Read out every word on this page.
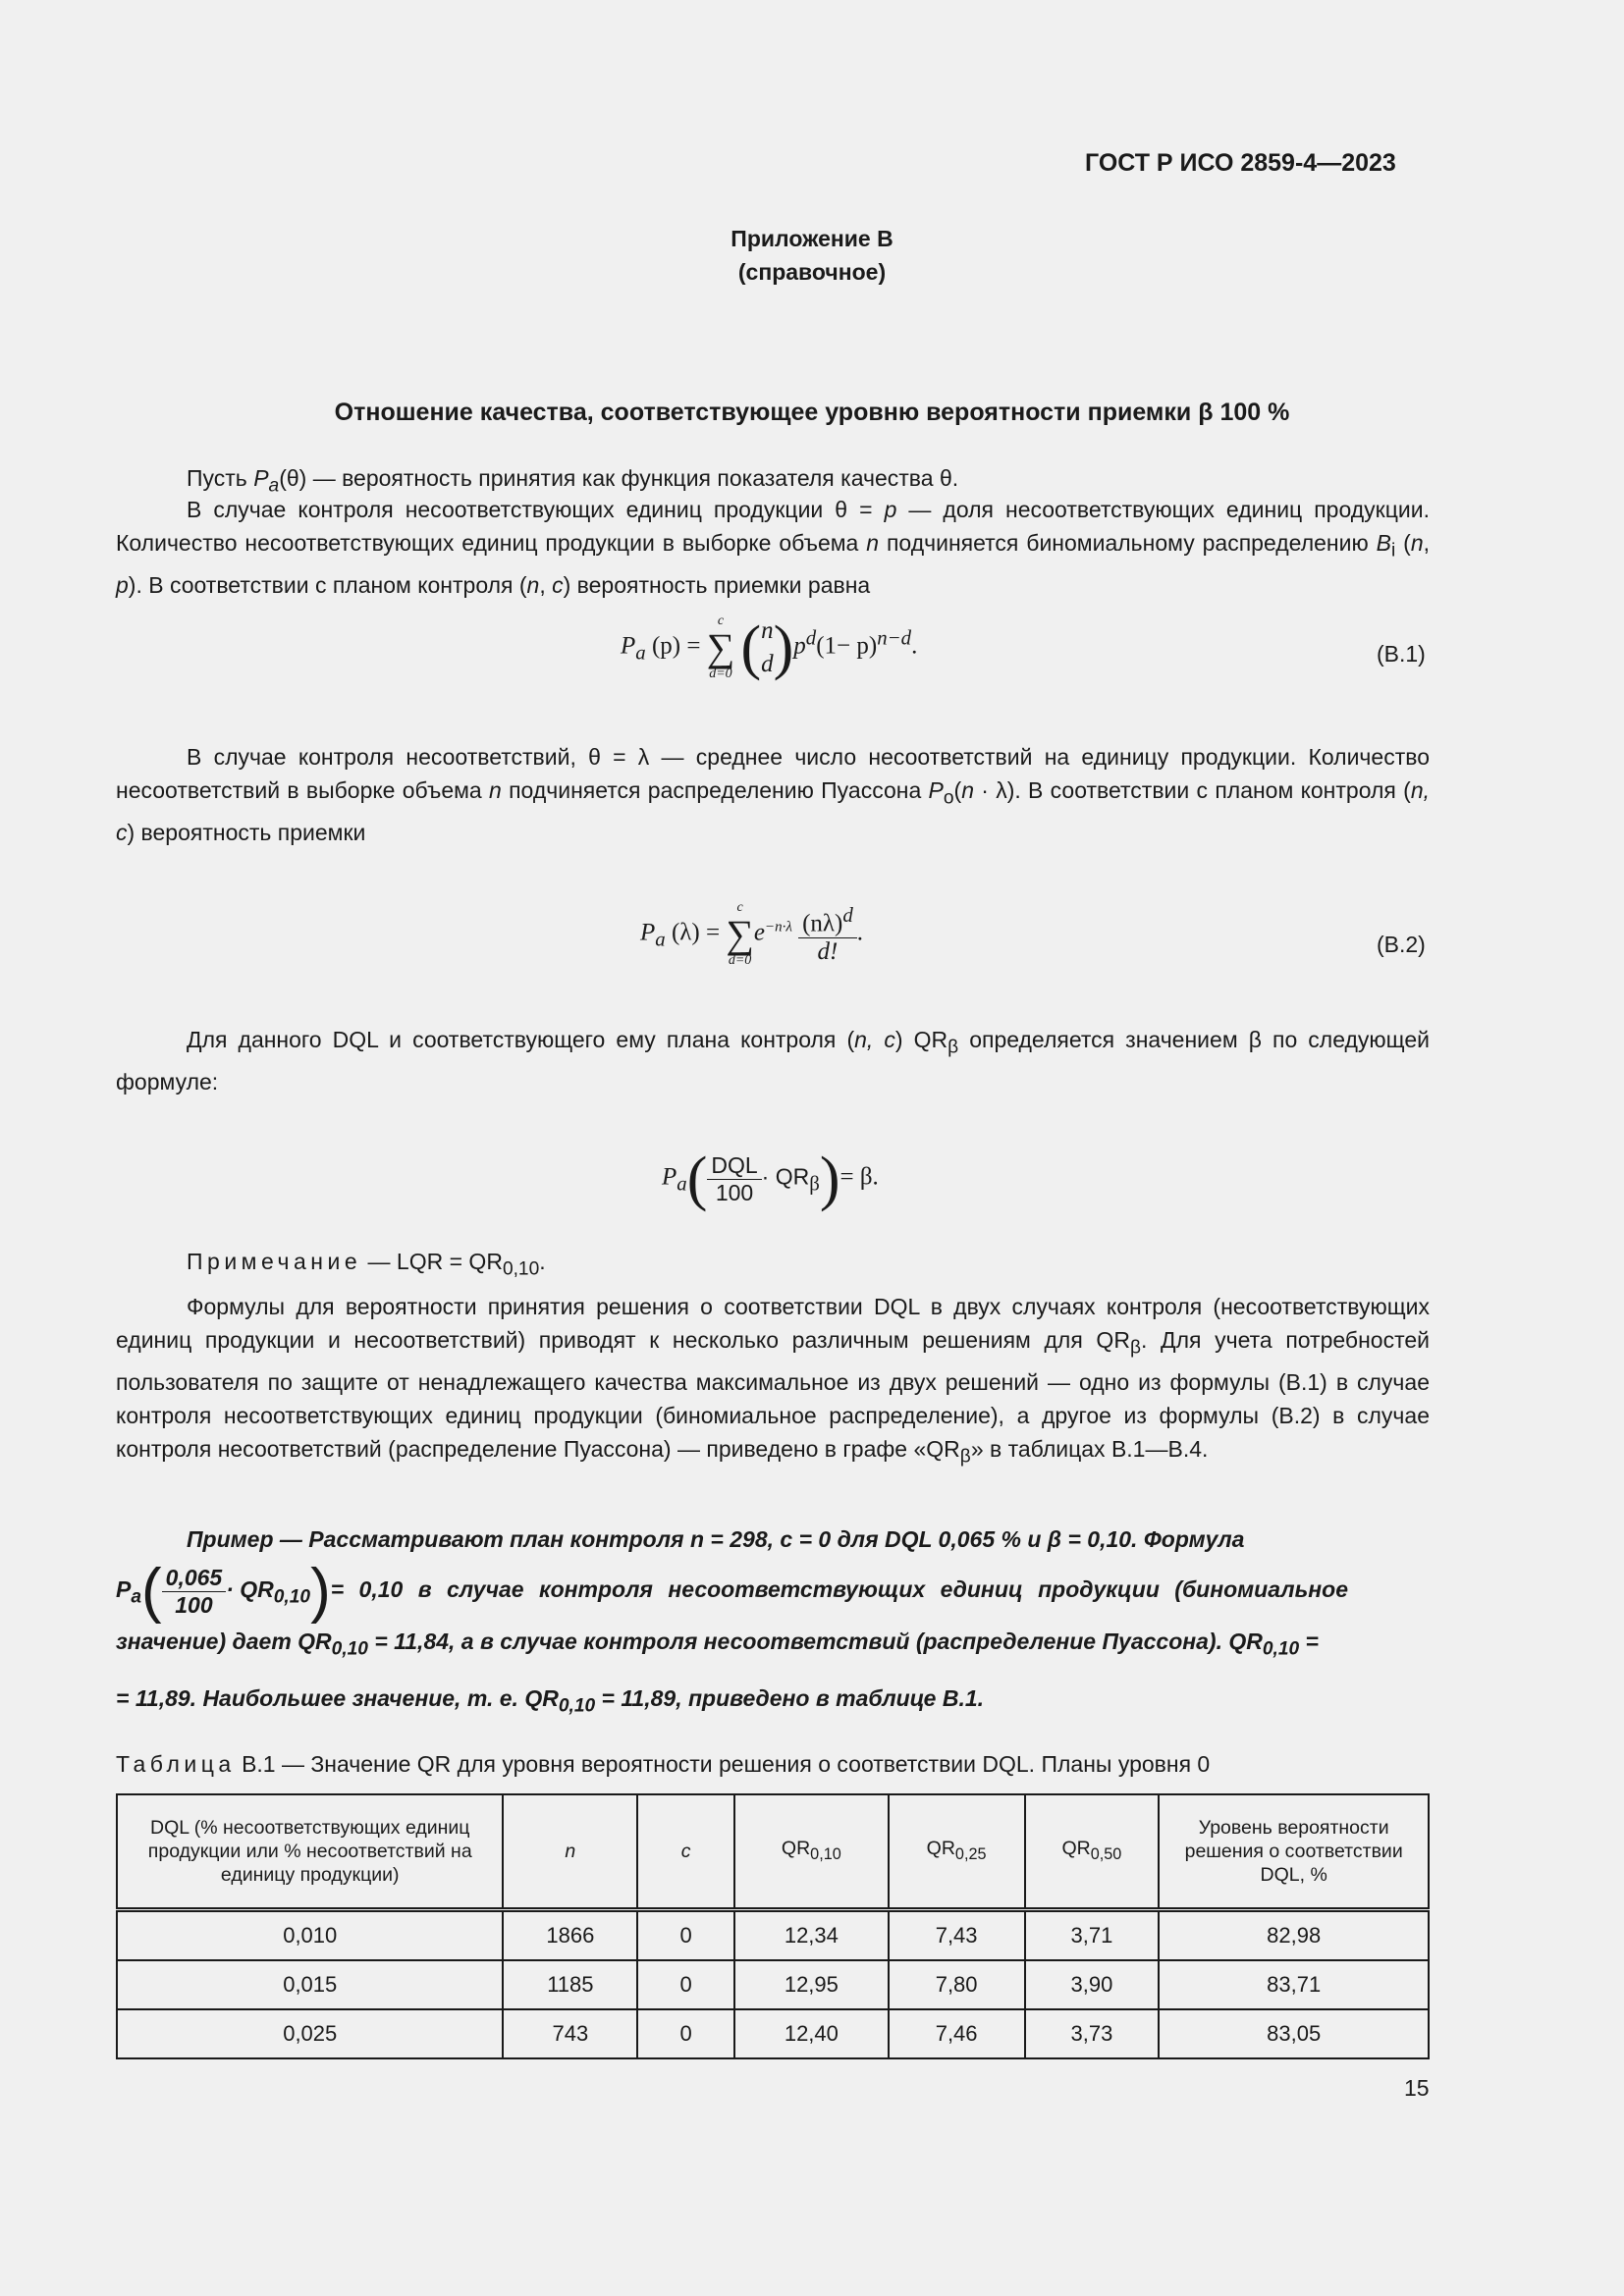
ГОСТ Р ИСО 2859-4—2023
Приложение В
(справочное)
Отношение качества, соответствующее уровню вероятности приемки β 100 %
Пусть $P_a(\theta)$ — вероятность принятия как функция показателя качества θ.
В случае контроля несоответствующих единиц продукции θ = p — доля несоответствующих единиц продукции. Количество несоответствующих единиц продукции в выборке объема n подчиняется биномиальному распределению $B_i$ (n, p). В соответствии с планом контроля (n, c) вероятность приемки равна
$P_a$ (p) =
c
∑
d=0 ( n
d )$p^d(1- p)^{n-d}$.	(В.1)
В случае контроля несоответствий, θ = λ — среднее число несоответствий на единицу продукции. Количество несоответствий в выборке объема n подчиняется распределению Пуассона $P_o(n \cdot \lambda)$. В соответствии с планом контроля (n, c) вероятность приемки
$P_a$ (λ) =
c
∑
d=0
$e^{-n\cdot\lambda} \frac{(n\lambda)^d}{d!}$ .	(В.2)
Для данного DQL и соответствующего ему плана контроля (n, c) $QR_\beta$ определяется значением β по следующей формуле:
$P_a( \frac{\text{DQL}}{100} \cdot QR_\beta)= \beta$.
Примечание — LQR = $QR_{0,10}$.
Формулы для вероятности принятия решения о соответствии DQL в двух случаях контроля (несоответствующих единиц продукции и несоответствий) приводят к несколько различным решениям для $QR_\beta$. Для учета потребностей пользователя по защите от ненадлежащего качества максимальное из двух решений — одно из формулы (В.1) в случае контроля несоответствующих единиц продукции (биномиальное распределение), а другое из формулы (В.2) в случае контроля несоответствий (распределение Пуассона) — приведено в графе «$QR_\beta$» в таблицах В.1—В.4.
Пример — Рассматривают план контроля n = 298, c = 0 для DQL 0,065 % и β = 0,10. Формула
$P_a( \frac{0,065}{100} \cdot QR_{0,10})= 0,10$ в случае контроля несоответствующих единиц продукции (биномиальное
значение) дает $QR_{0,10} = 11,84$, а в случае контроля несоответствий (распределение Пуассона). $QR_{0,10}$ =
= 11,89. Наибольшее значение, т. е. $QR_{0,10} = 11,89$, приведено в таблице В.1.
Таблица В.1 — Значение QR для уровня вероятности решения о соответствии DQL. Планы уровня 0
DQL (% несоответствующих единиц продукции или % несоответствий на единицу продукции)	n	c	$QR_{0,10}$	$QR_{0,25}$	$QR_{0,50}$	Уровень вероятности решения о соответствии DQL, %
0,010	1866	0	12,34	7,43	3,71	82,98
0,015	1185	0	12,95	7,80	3,90	83,71
0,025	743	0	12,40	7,46	3,73	83,05
15
